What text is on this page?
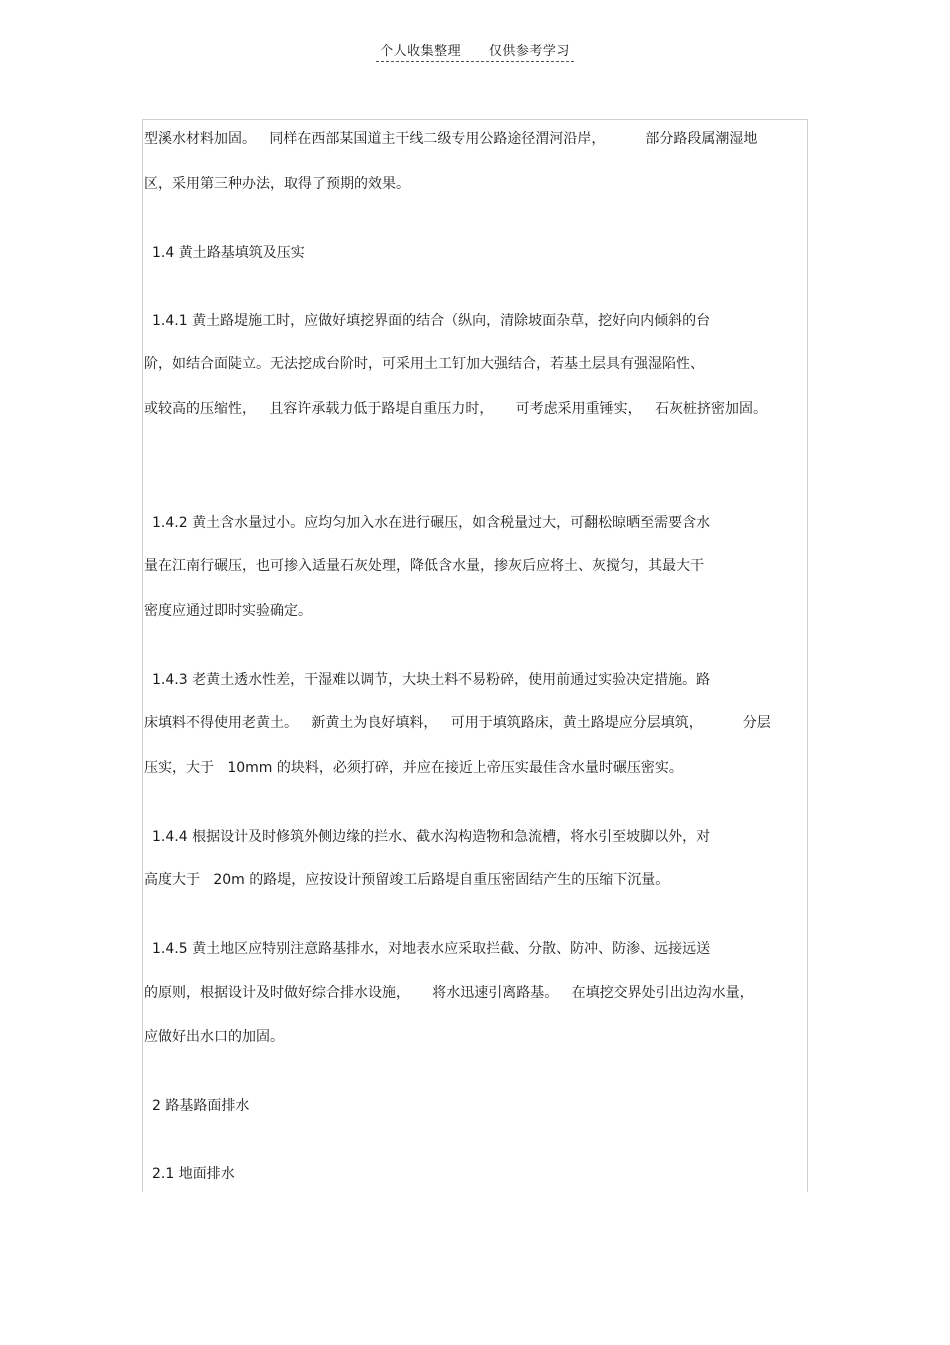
个人收集整理      仅供参考学习
型溪水材料加固。   同样在西部某国道主干线二级专用公路途径渭河沿岸，         部分路段属潮湿地
区，采用第三种办法，取得了预期的效果。
1.4 黄土路基填筑及压实
1.4.1 黄土路堤施工时，应做好填挖界面的结合（纵向，清除坡面杂草，挖好向内倾斜的台
阶，如结合面陡立。无法挖成台阶时，可采用土工钉加大强结合，若基土层具有强湿陷性、
或较高的压缩性，   且容许承载力低于路堤自重压力时，     可考虑采用重锤实，   石灰桩挤密加固。
1.4.2 黄土含水量过小。应均匀加入水在进行碾压，如含税量过大，可翻松晾晒至需要含水
量在江南行碾压，也可掺入适量石灰处理，降低含水量，掺灰后应将土、灰搅匀，其最大干
密度应通过即时实验确定。
1.4.3 老黄土透水性差，干湿难以调节，大块土料不易粉碎，使用前通过实验决定措施。路
床填料不得使用老黄土。   新黄土为良好填料，   可用于填筑路床，黄土路堤应分层填筑，         分层
压实，大于   10mm 的块料，必须打碎，并应在接近上帝压实最佳含水量时碾压密实。
1.4.4 根据设计及时修筑外侧边缘的拦水、截水沟构造物和急流槽，将水引至坡脚以外，对
高度大于   20m 的路堤，应按设计预留竣工后路堤自重压密固结产生的压缩下沉量。
1.4.5 黄土地区应特别注意路基排水，对地表水应采取拦截、分散、防冲、防渗、远接远送
的原则，根据设计及时做好综合排水设施，     将水迅速引离路基。   在填挖交界处引出边沟水量，
应做好出水口的加固。
2 路基路面排水
2.1 地面排水
